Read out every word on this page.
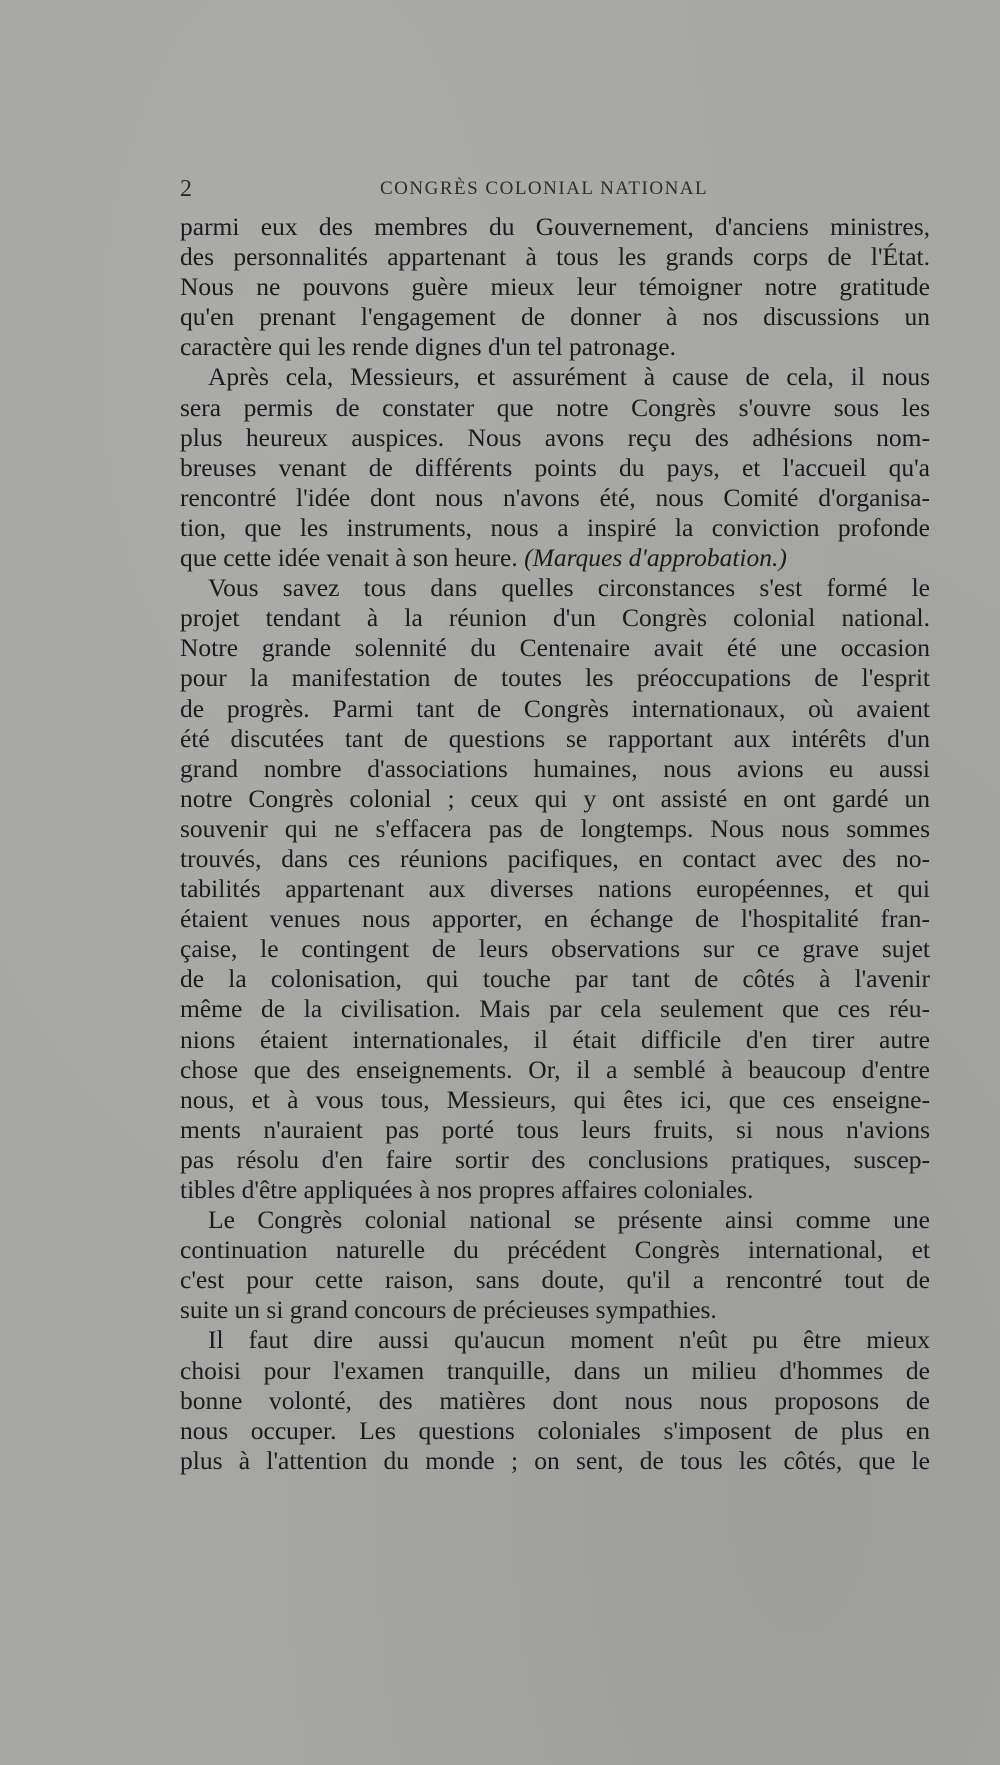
2	CONGRÈS COLONIAL NATIONAL
parmi eux des membres du Gouvernement, d'anciens ministres,
des personnalités appartenant à tous les grands corps de l'État.
Nous ne pouvons guère mieux leur témoigner notre gratitude
qu'en prenant l'engagement de donner à nos discussions un
caractère qui les rende dignes d'un tel patronage.
Après cela, Messieurs, et assurément à cause de cela, il nous
sera permis de constater que notre Congrès s'ouvre sous les
plus heureux auspices. Nous avons reçu des adhésions nom-
breuses venant de différents points du pays, et l'accueil qu'a
rencontré l'idée dont nous n'avons été, nous Comité d'organisa-
tion, que les instruments, nous a inspiré la conviction profonde
que cette idée venait à son heure. (Marques d'approbation.)
Vous savez tous dans quelles circonstances s'est formé le
projet tendant à la réunion d'un Congrès colonial national.
Notre grande solennité du Centenaire avait été une occasion
pour la manifestation de toutes les préoccupations de l'esprit
de progrès. Parmi tant de Congrès internationaux, où avaient
été discutées tant de questions se rapportant aux intérêts d'un
grand nombre d'associations humaines, nous avions eu aussi
notre Congrès colonial ; ceux qui y ont assisté en ont gardé un
souvenir qui ne s'effacera pas de longtemps. Nous nous sommes
trouvés, dans ces réunions pacifiques, en contact avec des no-
tabilités appartenant aux diverses nations européennes, et qui
étaient venues nous apporter, en échange de l'hospitalité fran-
çaise, le contingent de leurs observations sur ce grave sujet
de la colonisation, qui touche par tant de côtés à l'avenir
même de la civilisation. Mais par cela seulement que ces réu-
nions étaient internationales, il était difficile d'en tirer autre
chose que des enseignements. Or, il a semblé à beaucoup d'entre
nous, et à vous tous, Messieurs, qui êtes ici, que ces enseigne-
ments n'auraient pas porté tous leurs fruits, si nous n'avions
pas résolu d'en faire sortir des conclusions pratiques, suscep-
tibles d'être appliquées à nos propres affaires coloniales.
Le Congrès colonial national se présente ainsi comme une
continuation naturelle du précédent Congrès international, et
c'est pour cette raison, sans doute, qu'il a rencontré tout de
suite un si grand concours de précieuses sympathies.
Il faut dire aussi qu'aucun moment n'eût pu être mieux
choisi pour l'examen tranquille, dans un milieu d'hommes de
bonne volonté, des matières dont nous nous proposons de
nous occuper. Les questions coloniales s'imposent de plus en
plus à l'attention du monde ; on sent, de tous les côtés, que le
